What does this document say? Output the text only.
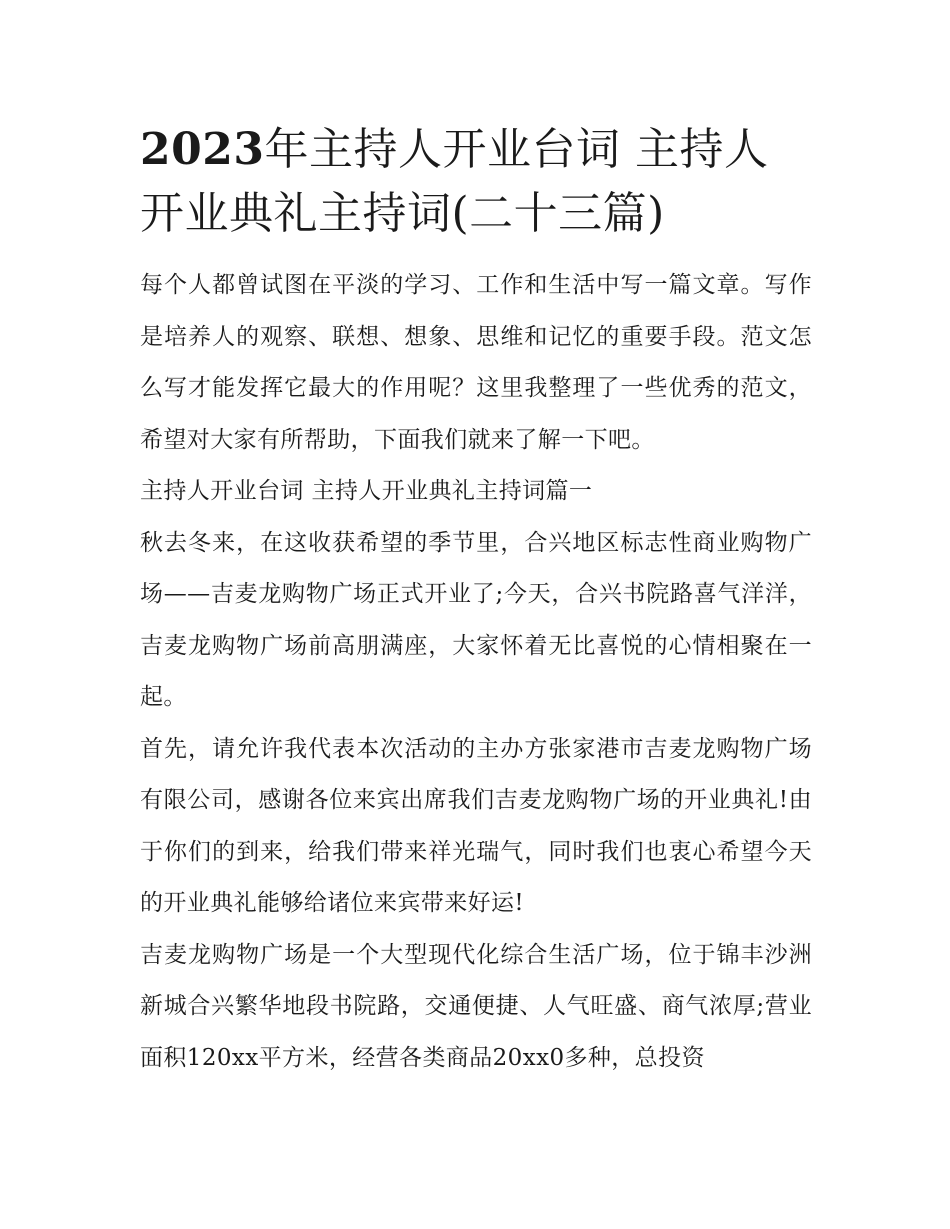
2023年主持人开业台词 主持人开业典礼主持词(二十三篇)

每个人都曾试图在平淡的学习、工作和生活中写一篇文章。写作是培养人的观察、联想、想象、思维和记忆的重要手段。范文怎么写才能发挥它最大的作用呢？这里我整理了一些优秀的范文，希望对大家有所帮助，下面我们就来了解一下吧。

主持人开业台词 主持人开业典礼主持词篇一

秋去冬来，在这收获希望的季节里，合兴地区标志性商业购物广场——吉麦龙购物广场正式开业了;今天，合兴书院路喜气洋洋，吉麦龙购物广场前高朋满座，大家怀着无比喜悦的心情相聚在一起。

首先，请允许我代表本次活动的主办方张家港市吉麦龙购物广场有限公司，感谢各位来宾出席我们吉麦龙购物广场的开业典礼!由于你们的到来，给我们带来祥光瑞气，同时我们也衷心希望今天的开业典礼能够给诸位来宾带来好运!

吉麦龙购物广场是一个大型现代化综合生活广场，位于锦丰沙洲新城合兴繁华地段书院路，交通便捷、人气旺盛、商气浓厚;营业面积120xx平方米，经营各类商品20xx0多种，总投资
